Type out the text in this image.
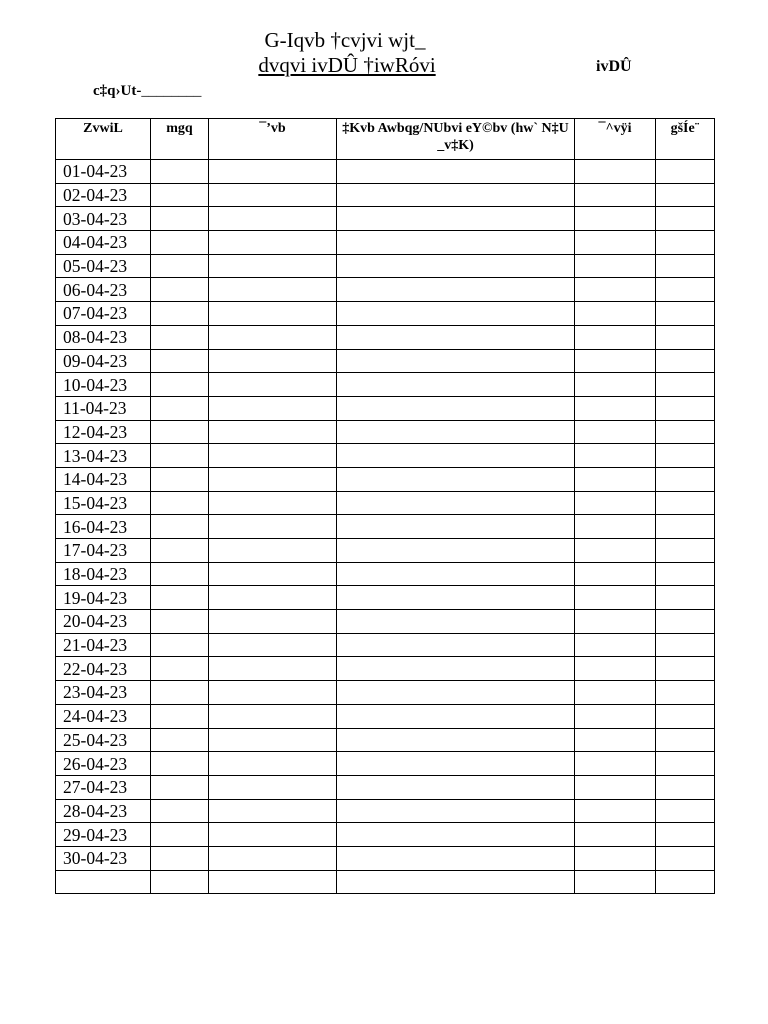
G-Iqvb †cvjvi wjt_
dvqvi ivDÛ †iwRóvi	ivDÛ
c‡q›Ut-________
ZvwiL	mgq	¯’vb	‡Kvb Awbqg/NUbvi eY©bv (hw` N‡U _v‡K)	¯^vÿi	gšÍe¨
01-04-23					
02-04-23					
03-04-23					
04-04-23					
05-04-23					
06-04-23					
07-04-23					
08-04-23					
09-04-23					
10-04-23					
11-04-23					
12-04-23					
13-04-23					
14-04-23					
15-04-23					
16-04-23					
17-04-23					
18-04-23					
19-04-23					
20-04-23					
21-04-23					
22-04-23					
23-04-23					
24-04-23					
25-04-23					
26-04-23					
27-04-23					
28-04-23					
29-04-23					
30-04-23					
